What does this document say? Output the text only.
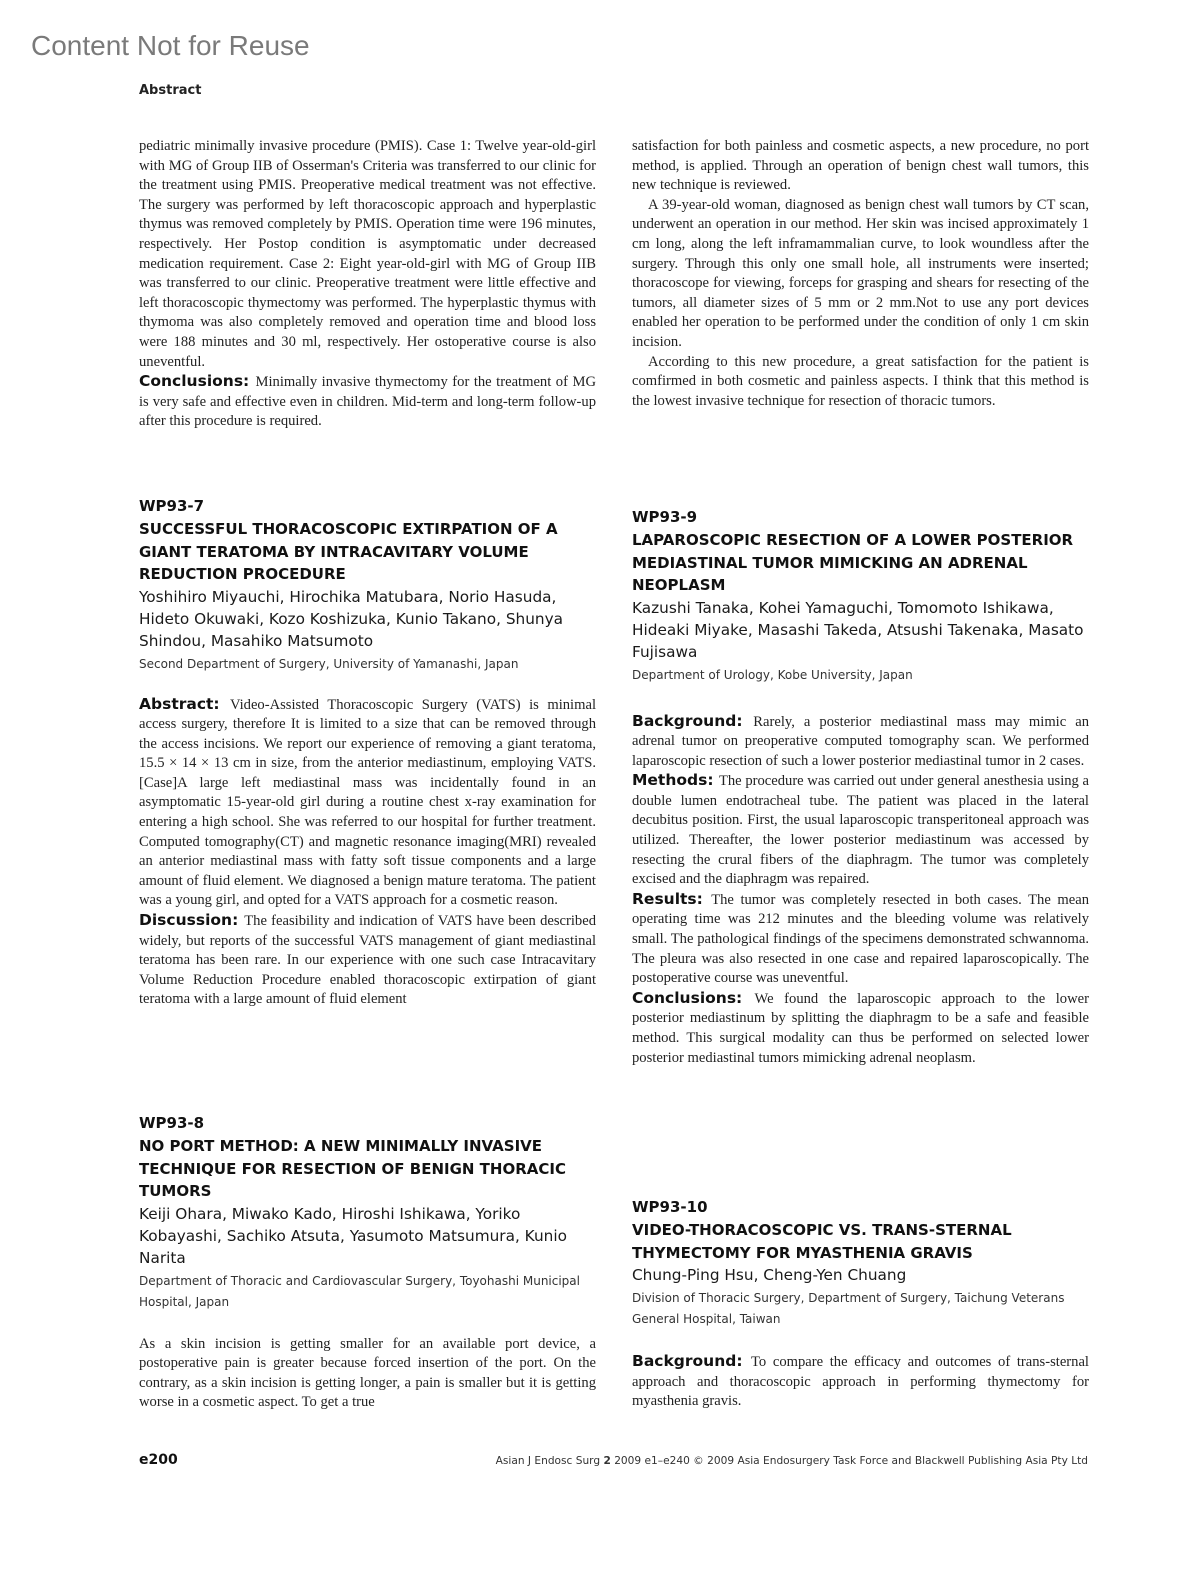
Content Not for Reuse
Abstract

pediatric minimally invasive procedure (PMIS). Case 1: Twelve year-old-girl with MG of Group IIB of Osserman's Criteria was transferred to our clinic for the treatment using PMIS. Preoperative medical treatment was not effective. The surgery was performed by left thoracoscopic approach and hyperplastic thymus was removed completely by PMIS. Operation time were 196 minutes, respectively. Her Postop condition is asymptomatic under decreased medication requirement. Case 2: Eight year-old-girl with MG of Group IIB was transferred to our clinic. Preoperative treatment were little effective and left thoracoscopic thymectomy was performed. The hyperplastic thymus with thymoma was also completely removed and operation time and blood loss were 188 minutes and 30 ml, respectively. Her ostoperative course is also uneventful.

Conclusions: Minimally invasive thymectomy for the treatment of MG is very safe and effective even in children. Mid-term and long-term follow-up after this procedure is required.

WP93-7

SUCCESSFUL THORACOSCOPIC EXTIRPATION OF A GIANT TERATOMA BY INTRACAVITARY VOLUME REDUCTION PROCEDURE

Yoshihiro Miyauchi, Hirochika Matubara, Norio Hasuda, Hideto Okuwaki, Kozo Koshizuka, Kunio Takano, Shunya Shindou, Masahiko Matsumoto

Second Department of Surgery, University of Yamanashi, Japan

Abstract: Video-Assisted Thoracoscopic Surgery (VATS) is minimal access surgery, therefore It is limited to a size that can be removed through the access incisions. We report our experience of removing a giant teratoma, 15.5 × 14 × 13 cm in size, from the anterior mediastinum, employing VATS. [Case]A large left mediastinal mass was incidentally found in an asymptomatic 15-year-old girl during a routine chest x-ray examination for entering a high school. She was referred to our hospital for further treatment. Computed tomography(CT) and magnetic resonance imaging(MRI) revealed an anterior mediastinal mass with fatty soft tissue components and a large amount of fluid element. We diagnosed a benign mature teratoma. The patient was a young girl, and opted for a VATS approach for a cosmetic reason.

Discussion: The feasibility and indication of VATS have been described widely, but reports of the successful VATS management of giant mediastinal teratoma has been rare. In our experience with one such case Intracavitary Volume Reduction Procedure enabled thoracoscopic extirpation of giant teratoma with a large amount of fluid element

WP93-8

NO PORT METHOD: A NEW MINIMALLY INVASIVE TECHNIQUE FOR RESECTION OF BENIGN THORACIC TUMORS

Keiji Ohara, Miwako Kado, Hiroshi Ishikawa, Yoriko Kobayashi, Sachiko Atsuta, Yasumoto Matsumura, Kunio Narita

Department of Thoracic and Cardiovascular Surgery, Toyohashi Municipal Hospital, Japan

As a skin incision is getting smaller for an available port device, a postoperative pain is greater because forced insertion of the port. On the contrary, as a skin incision is getting longer, a pain is smaller but it is getting worse in a cosmetic aspect. To get a true

satisfaction for both painless and cosmetic aspects, a new procedure, no port method, is applied. Through an operation of benign chest wall tumors, this new technique is reviewed.

A 39-year-old woman, diagnosed as benign chest wall tumors by CT scan, underwent an operation in our method. Her skin was incised approximately 1 cm long, along the left inframammalian curve, to look woundless after the surgery. Through this only one small hole, all instruments were inserted; thoracoscope for viewing, forceps for grasping and shears for resecting of the tumors, all diameter sizes of 5 mm or 2 mm.Not to use any port devices enabled her operation to be performed under the condition of only 1 cm skin incision.

According to this new procedure, a great satisfaction for the patient is comfirmed in both cosmetic and painless aspects. I think that this method is the lowest invasive technique for resection of thoracic tumors.

WP93-9

LAPAROSCOPIC RESECTION OF A LOWER POSTERIOR MEDIASTINAL TUMOR MIMICKING AN ADRENAL NEOPLASM

Kazushi Tanaka, Kohei Yamaguchi, Tomomoto Ishikawa, Hideaki Miyake, Masashi Takeda, Atsushi Takenaka, Masato Fujisawa

Department of Urology, Kobe University, Japan

Background: Rarely, a posterior mediastinal mass may mimic an adrenal tumor on preoperative computed tomography scan. We performed laparoscopic resection of such a lower posterior mediastinal tumor in 2 cases.

Methods: The procedure was carried out under general anesthesia using a double lumen endotracheal tube. The patient was placed in the lateral decubitus position. First, the usual laparoscopic transperitoneal approach was utilized. Thereafter, the lower posterior mediastinum was accessed by resecting the crural fibers of the diaphragm. The tumor was completely excised and the diaphragm was repaired.

Results: The tumor was completely resected in both cases. The mean operating time was 212 minutes and the bleeding volume was relatively small. The pathological findings of the specimens demonstrated schwannoma. The pleura was also resected in one case and repaired laparoscopically. The postoperative course was uneventful.

Conclusions: We found the laparoscopic approach to the lower posterior mediastinum by splitting the diaphragm to be a safe and feasible method. This surgical modality can thus be performed on selected lower posterior mediastinal tumors mimicking adrenal neoplasm.

WP93-10

VIDEO-THORACOSCOPIC VS. TRANS-STERNAL THYMECTOMY FOR MYASTHENIA GRAVIS

Chung-Ping Hsu, Cheng-Yen Chuang

Division of Thoracic Surgery, Department of Surgery, Taichung Veterans General Hospital, Taiwan

Background: To compare the efficacy and outcomes of trans-sternal approach and thoracoscopic approach in performing thymectomy for myasthenia gravis.

e200	Asian J Endosc Surg 2 2009 e1–e240 © 2009 Asia Endosurgery Task Force and Blackwell Publishing Asia Pty Ltd
